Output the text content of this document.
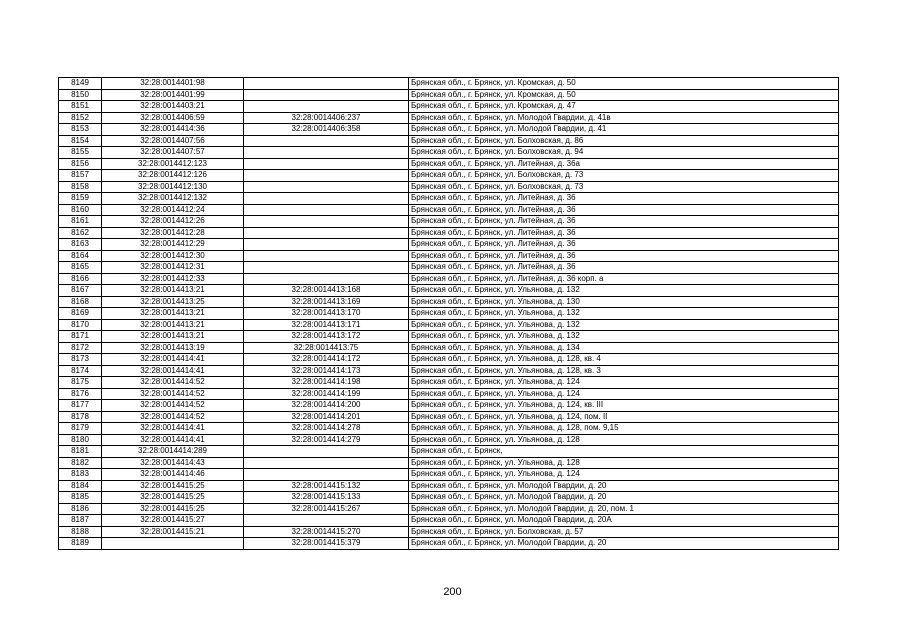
8149	32:28:0014401:98		Брянская обл., г. Брянск, ул. Кромская, д. 50
8150	32:28:0014401:99		Брянская обл., г. Брянск, ул. Кромская, д. 50
8151	32:28:0014403:21		Брянская обл., г. Брянск, ул. Кромская, д. 47
8152	32:28:0014406:59	32:28:0014406:237	Брянская обл., г. Брянск, ул. Молодой Гвардии, д. 41в
8153	32:28:0014414:36	32:28:0014406:358	Брянская обл., г. Брянск, ул. Молодой Гвардии, д. 41
8154	32:28:0014407:56		Брянская обл., г. Брянск, ул. Болховская, д. 86
8155	32:28:0014407:57		Брянская обл., г. Брянск, ул. Болховская, д. 94
8156	32:28:0014412:123		Брянская обл., г. Брянск, ул. Литейная, д. 36а
8157	32:28:0014412:126		Брянская обл., г. Брянск, ул. Болховская, д. 73
8158	32:28:0014412:130		Брянская обл., г. Брянск, ул. Болховская, д. 73
8159	32:28:0014412:132		Брянская обл., г. Брянск, ул. Литейная, д. 36
8160	32:28:0014412:24		Брянская обл., г. Брянск, ул. Литейная, д. 36
8161	32:28:0014412:26		Брянская обл., г. Брянск, ул. Литейная, д. 36
8162	32:28:0014412:28		Брянская обл., г. Брянск, ул. Литейная, д. 36
8163	32:28:0014412:29		Брянская обл., г. Брянск, ул. Литейная, д. 36
8164	32:28:0014412:30		Брянская обл., г. Брянск, ул. Литейная, д. 36
8165	32:28:0014412:31		Брянская обл., г. Брянск, ул. Литейная, д. 36
8166	32:28:0014412:33		Брянская обл., г. Брянск, ул. Литейная, д. 36 корп. а
8167	32:28:0014413:21	32:28:0014413:168	Брянская обл., г. Брянск, ул. Ульянова, д. 132
8168	32:28:0014413:25	32:28:0014413:169	Брянская обл., г. Брянск, ул. Ульянова, д. 130
8169	32:28:0014413:21	32:28:0014413:170	Брянская обл., г. Брянск, ул. Ульянова, д. 132
8170	32:28:0014413:21	32:28:0014413:171	Брянская обл., г. Брянск, ул. Ульянова, д. 132
8171	32:28:0014413:21	32:28:0014413:172	Брянская обл., г. Брянск, ул. Ульянова, д. 132
8172	32:28:0014413:19	32:28:0014413:75	Брянская обл., г. Брянск, ул. Ульянова, д. 134
8173	32:28:0014414:41	32:28:0014414:172	Брянская обл., г. Брянск, ул. Ульянова, д. 128, кв. 4
8174	32:28:0014414:41	32:28:0014414:173	Брянская обл., г. Брянск, ул. Ульянова, д. 128, кв. 3
8175	32:28:0014414:52	32:28:0014414:198	Брянская обл., г. Брянск, ул. Ульянова, д. 124
8176	32:28:0014414:52	32:28:0014414:199	Брянская обл., г. Брянск, ул. Ульянова, д. 124
8177	32:28:0014414:52	32:28:0014414:200	Брянская обл., г. Брянск, ул. Ульянова, д. 124, кв. III
8178	32:28:0014414:52	32:28:0014414:201	Брянская обл., г. Брянск, ул. Ульянова, д. 124, пом. II
8179	32:28:0014414:41	32:28:0014414:278	Брянская обл., г. Брянск, ул. Ульянова, д. 128, пом. 9,15
8180	32:28:0014414:41	32:28:0014414:279	Брянская обл., г. Брянск, ул. Ульянова, д. 128
8181	32:28:0014414:289		Брянская обл., г. Брянск,
8182	32:28:0014414:43		Брянская обл., г. Брянск, ул. Ульянова, д. 128
8183	32:28:0014414:46		Брянская обл., г. Брянск, ул. Ульянова, д. 124
8184	32:28:0014415:25	32:28:0014415:132	Брянская обл., г. Брянск, ул. Молодой Гвардии, д. 20
8185	32:28:0014415:25	32:28:0014415:133	Брянская обл., г. Брянск, ул. Молодой Гвардии, д. 20
8186	32:28:0014415:25	32:28:0014415:267	Брянская обл., г. Брянск, ул. Молодой Гвардии, д. 20, пом. 1
8187	32:28:0014415:27		Брянская обл., г. Брянск, ул. Молодой Гвардии, д. 20А
8188	32:28:0014415:21	32:28:0014415:270	Брянская обл., г. Брянск, ул. Болховская, д. 57
8189		32:28:0014415:379	Брянская обл., г. Брянск, ул. Молодой Гвардии, д. 20
200
